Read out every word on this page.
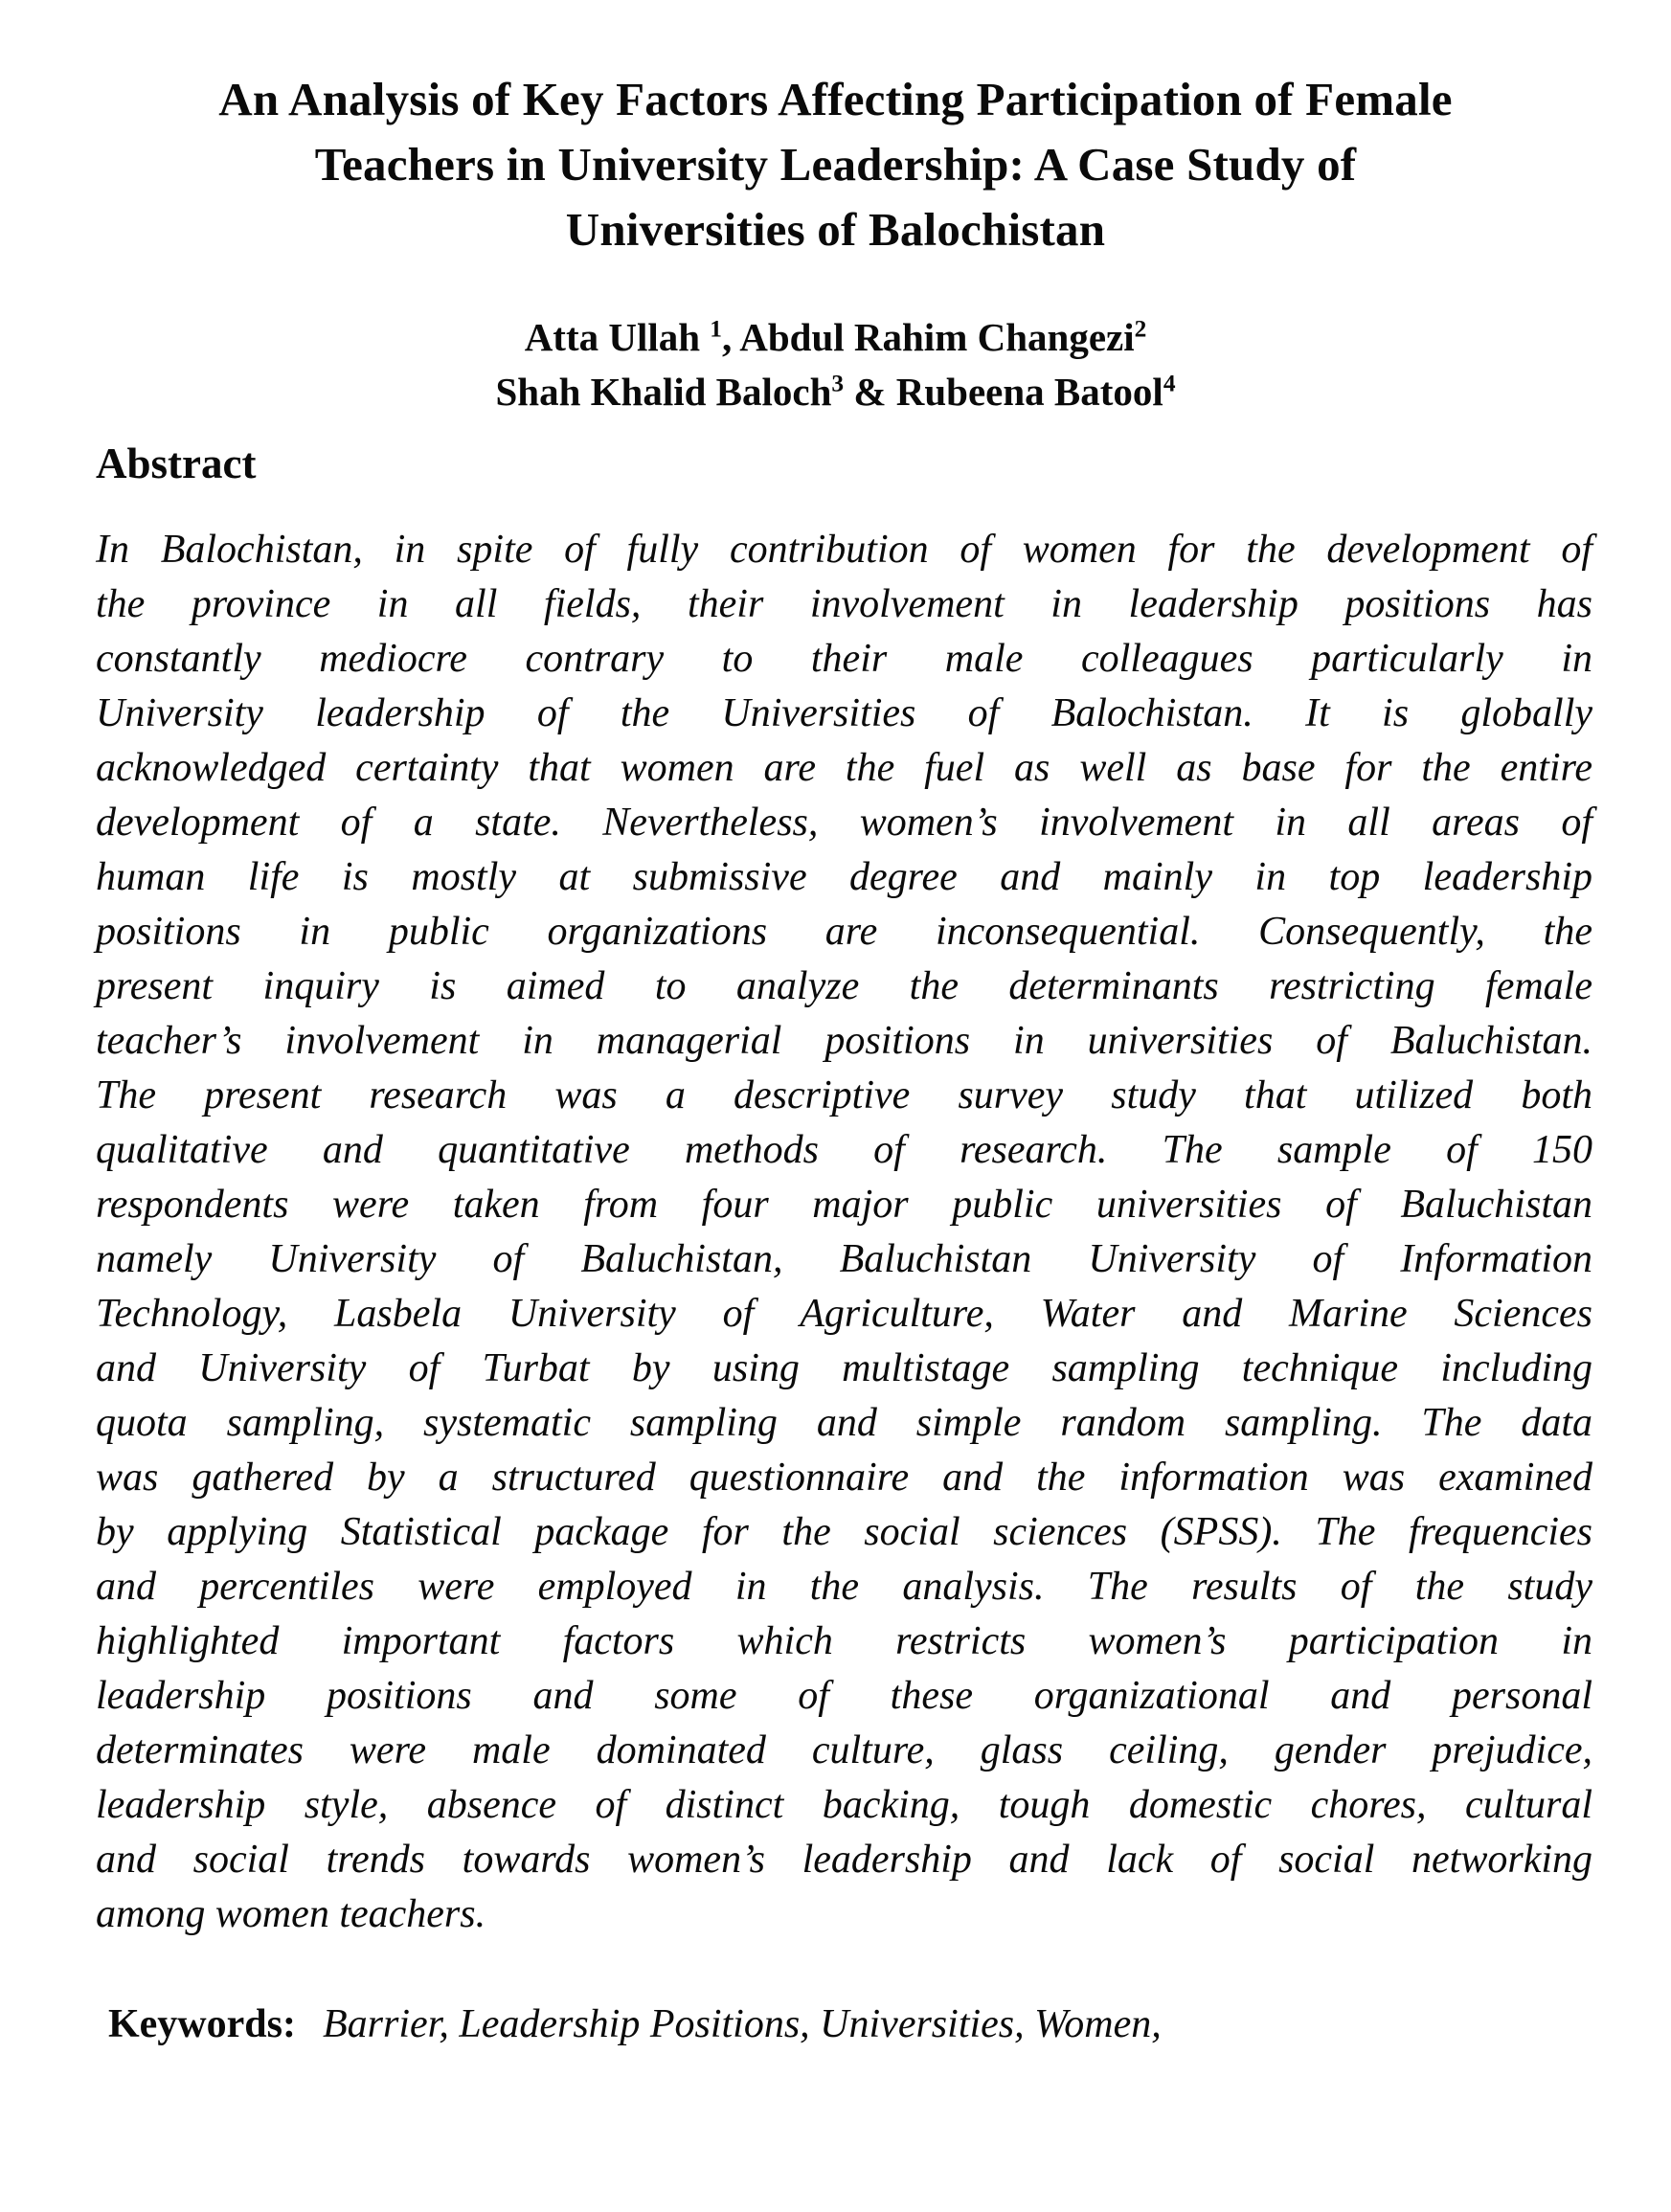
An Analysis of Key Factors Affecting Participation of Female
Teachers in University Leadership: A Case Study of
Universities of Balochistan
Atta Ullah $^1$, Abdul Rahim Changezi$^2$
Shah Khalid Baloch$^3$ & Rubeena Batool$^4$
Abstract
In Balochistan, in spite of fully contribution of women for the development of
the province in all fields, their involvement in leadership positions has
constantly mediocre contrary to their male colleagues particularly in
University leadership of the Universities of Balochistan. It is globally
acknowledged certainty that women are the fuel as well as base for the entire
development of a state. Nevertheless, women’s involvement in all areas of
human life is mostly at submissive degree and mainly in top leadership
positions in public organizations are inconsequential. Consequently, the
present inquiry is aimed to analyze the determinants restricting female
teacher’s involvement in managerial positions in universities of Baluchistan.
The present research was a descriptive survey study that utilized both
qualitative and quantitative methods of research. The sample of 150
respondents were taken from four major public universities of Baluchistan
namely University of Baluchistan, Baluchistan University of Information
Technology, Lasbela University of Agriculture, Water and Marine Sciences
and University of Turbat by using multistage sampling technique including
quota sampling, systematic sampling and simple random sampling. The data
was gathered by a structured questionnaire and the information was examined
by applying Statistical package for the social sciences (SPSS). The frequencies
and percentiles were employed in the analysis. The results of the study
highlighted important factors which restricts women’s participation in
leadership positions and some of these organizational and personal
determinates were male dominated culture, glass ceiling, gender prejudice,
leadership style, absence of distinct backing, tough domestic chores, cultural
and social trends towards women’s leadership and lack of social networking
among women teachers.
Keywords: Barrier, Leadership Positions, Universities, Women,
